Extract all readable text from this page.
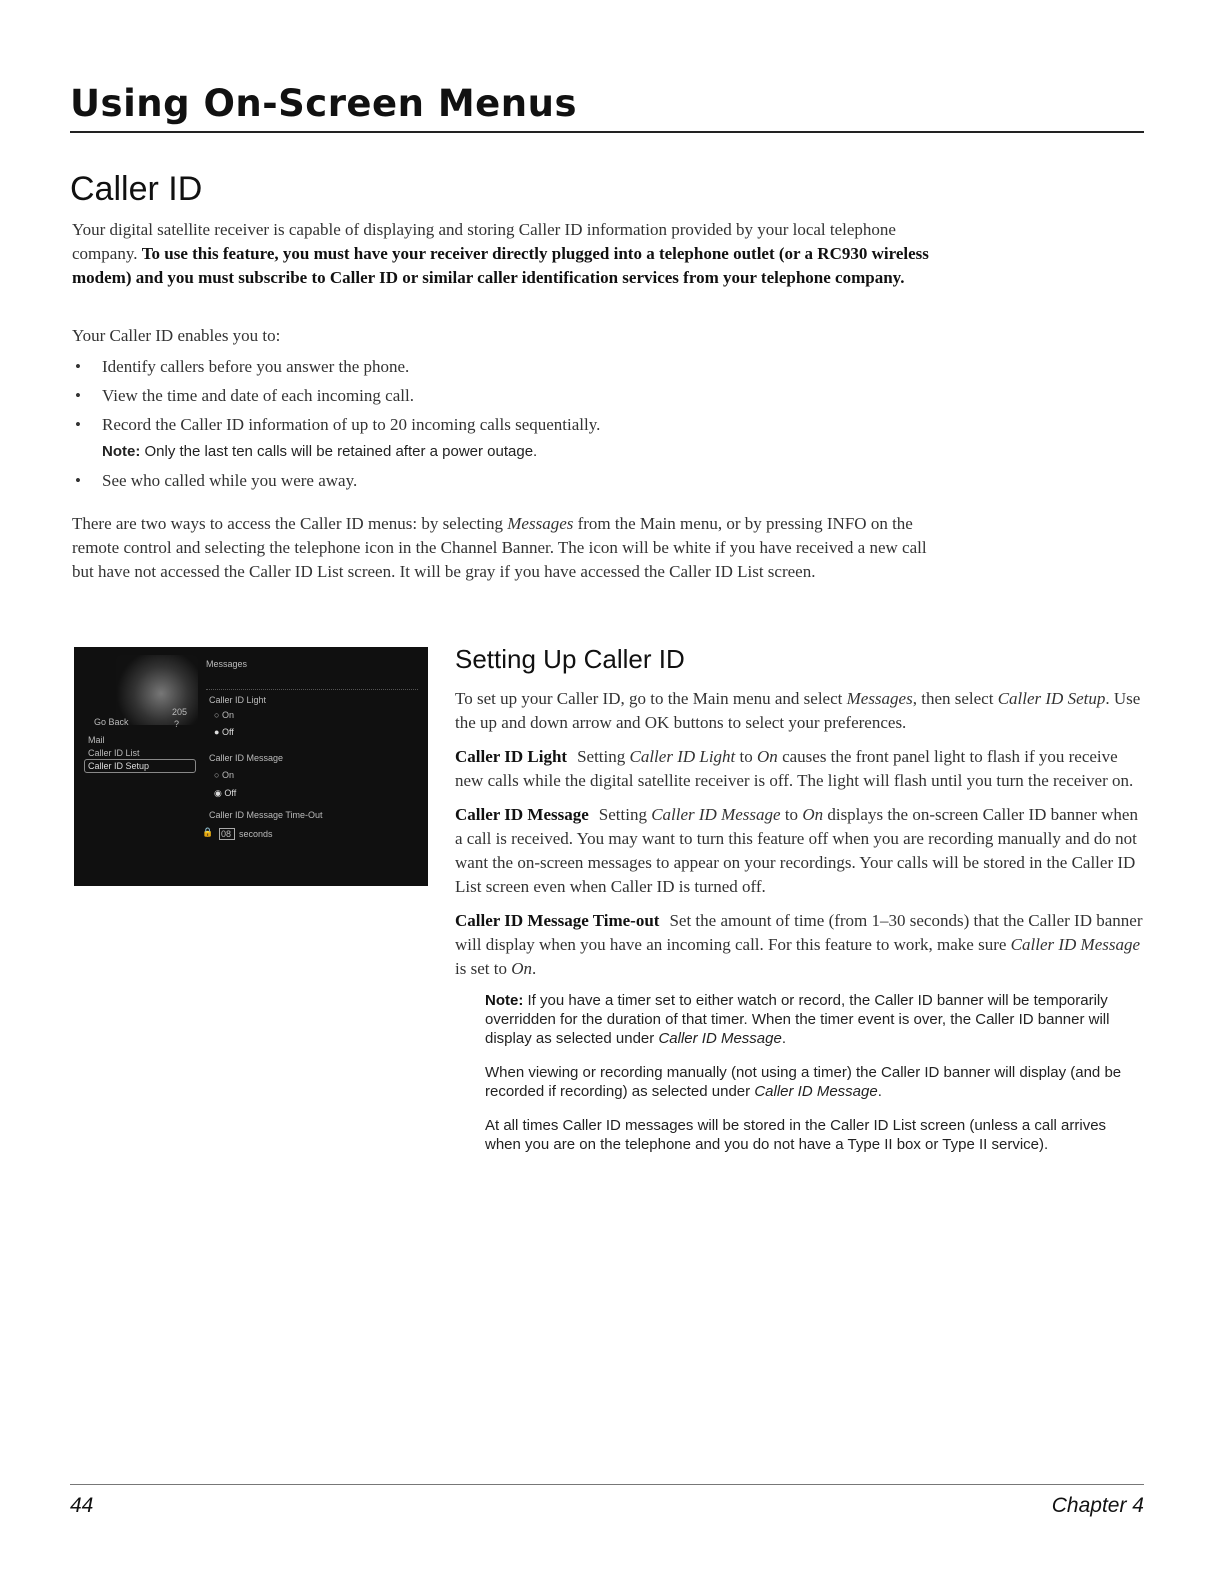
Using On-Screen Menus
Caller ID
Your digital satellite receiver is capable of displaying and storing Caller ID information provided by your local telephone company. To use this feature, you must have your receiver directly plugged into a telephone outlet (or a RC930 wireless modem) and you must subscribe to Caller ID or similar caller identification services from your telephone company.
Your Caller ID enables you to:
• Identify callers before you answer the phone.
• View the time and date of each incoming call.
• Record the Caller ID information of up to 20 incoming calls sequentially.
Note: Only the last ten calls will be retained after a power outage.
• See who called while you were away.
There are two ways to access the Caller ID menus: by selecting Messages from the Main menu, or by pressing INFO on the remote control and selecting the telephone icon in the Channel Banner. The icon will be white if you have received a new call but have not accessed the Caller ID List screen. It will be gray if you have accessed the Caller ID List screen.
Messages
205
Go Back	?
Mail
Caller ID List
Caller ID Setup
Caller ID Light
○ On
● Off
Caller ID Message
○ On
◉ Off
Caller ID Message Time-Out
🔒 08 seconds
Setting Up Caller ID

To set up your Caller ID, go to the Main menu and select Messages, then select Caller ID Setup. Use the up and down arrow and OK buttons to select your preferences.

Caller ID Light Setting Caller ID Light to On causes the front panel light to flash if you receive new calls while the digital satellite receiver is off. The light will flash until you turn the receiver on.

Caller ID Message Setting Caller ID Message to On displays the on-screen Caller ID banner when a call is received. You may want to turn this feature off when you are recording manually and do not want the on-screen messages to appear on your recordings. Your calls will be stored in the Caller ID List screen even when Caller ID is turned off.

Caller ID Message Time-out Set the amount of time (from 1–30 seconds) that the Caller ID banner will display when you have an incoming call. For this feature to work, make sure Caller ID Message is set to On.

Note: If you have a timer set to either watch or record, the Caller ID banner will be temporarily overridden for the duration of that timer. When the timer event is over, the Caller ID banner will display as selected under Caller ID Message.

When viewing or recording manually (not using a timer) the Caller ID banner will display (and be recorded if recording) as selected under Caller ID Message.

At all times Caller ID messages will be stored in the Caller ID List screen (unless a call arrives when you are on the telephone and you do not have a Type II box or Type II service).

44	Chapter 4
